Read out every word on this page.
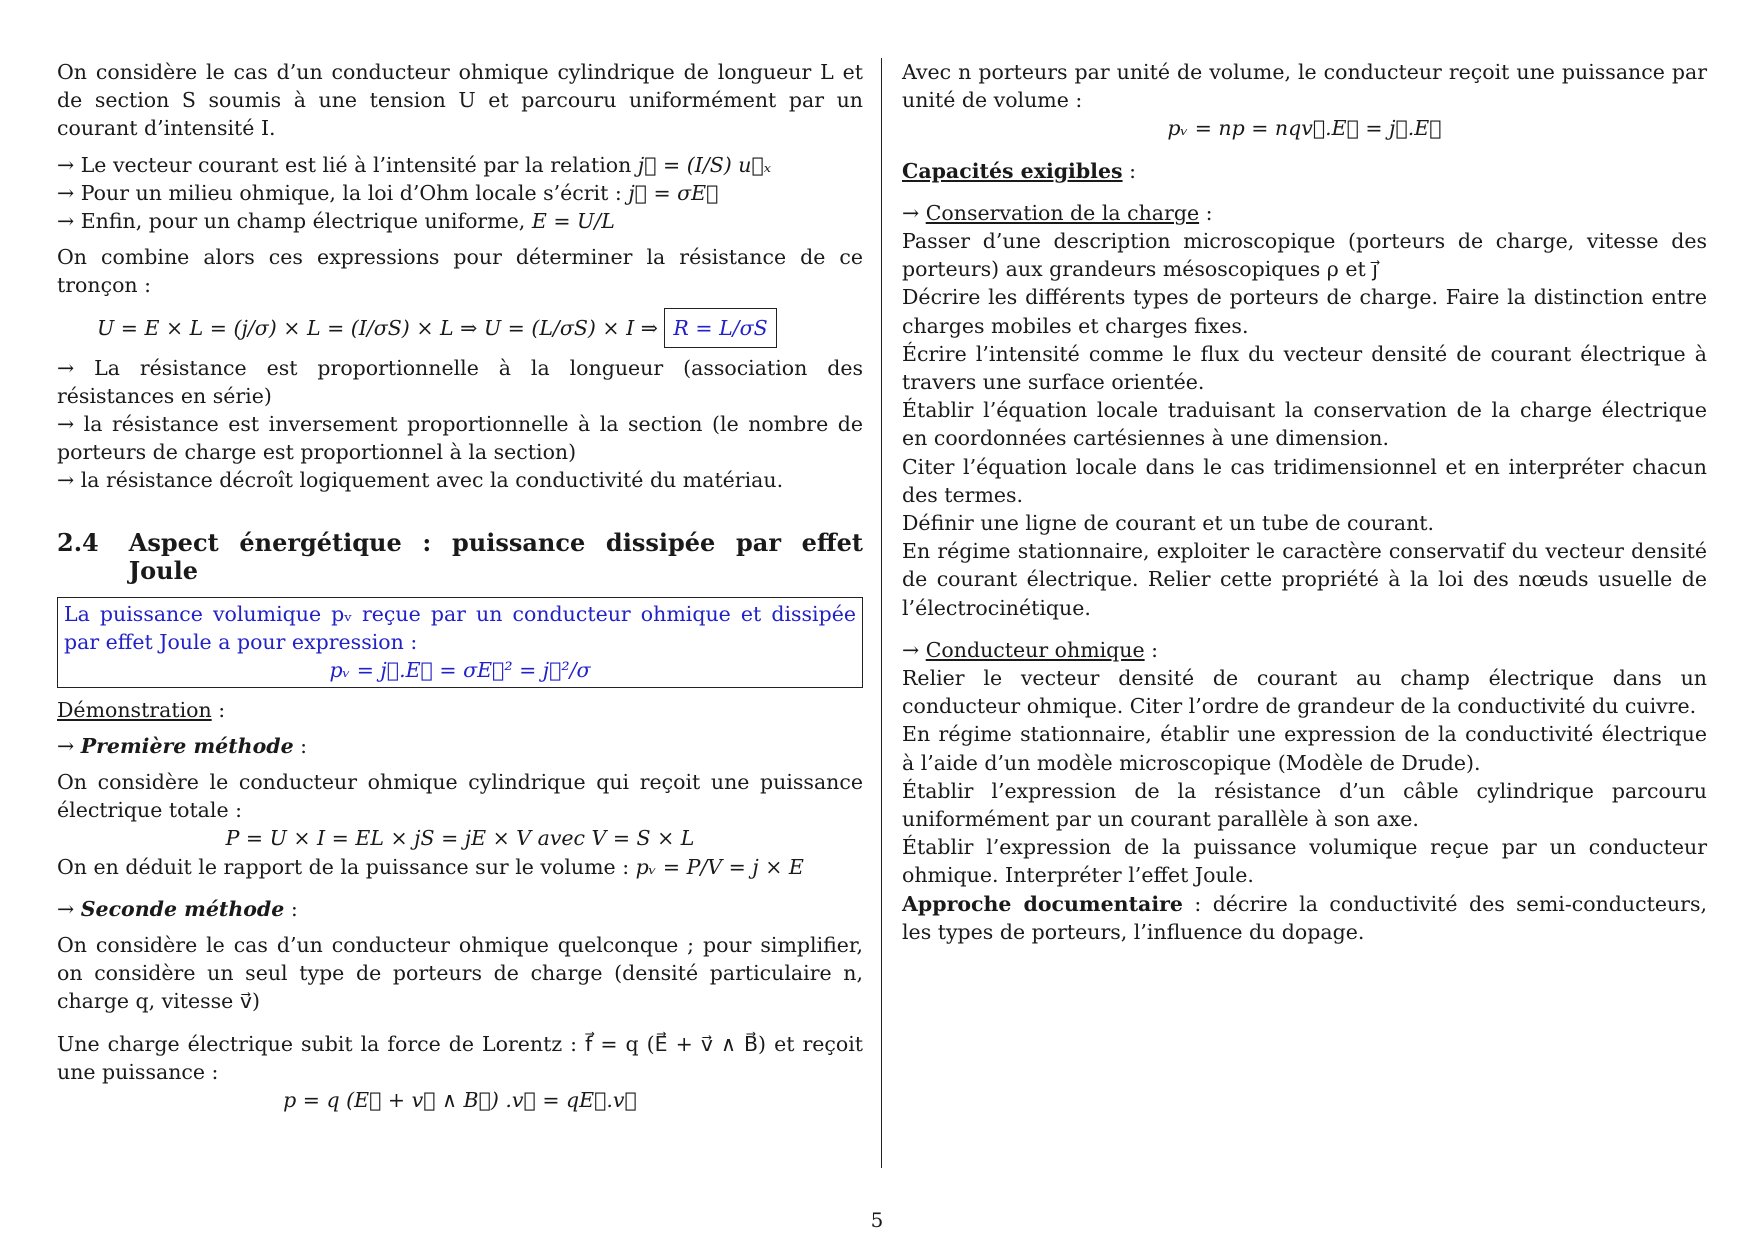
On considère le cas d’un conducteur ohmique cylindrique de longueur L et de section S soumis à une tension U et parcouru uniformément par un courant d’intensité I.

→ Le vecteur courant est lié à l’intensité par la relation j⃗ = (I/S) u⃗ₓ

→ Pour un milieu ohmique, la loi d’Ohm locale s’écrit : j⃗ = σE⃗

→ Enfin, pour un champ électrique uniforme, E = U/L

On combine alors ces expressions pour déterminer la résistance de ce tronçon :

U = E × L = (j/σ) × L = (I/σS) × L ⇒ U = (L/σS) × I ⇒ R = L/σS

→ La résistance est proportionnelle à la longueur (association des résistances en série)

→ la résistance est inversement proportionnelle à la section (le nombre de porteurs de charge est proportionnel à la section)

→ la résistance décroît logiquement avec la conductivité du matériau.

2.4 Aspect énergétique : puissance dissipée par effet Joule

La puissance volumique pᵥ reçue par un conducteur ohmique et dissipée par effet Joule a pour expression :

pᵥ = j⃗.E⃗ = σE⃗² = j⃗²/σ

Démonstration :

→ Première méthode :

On considère le conducteur ohmique cylindrique qui reçoit une puissance électrique totale :

P = U × I = EL × jS = jE × V avec V = S × L

On en déduit le rapport de la puissance sur le volume : pᵥ = P/V = j × E

→ Seconde méthode :

On considère le cas d’un conducteur ohmique quelconque ; pour simplifier, on considère un seul type de porteurs de charge (densité particulaire n, charge q, vitesse v⃗)

Une charge électrique subit la force de Lorentz : f⃗ = q (E⃗ + v⃗ ∧ B⃗) et reçoit une puissance :

p = q (E⃗ + v⃗ ∧ B⃗) .v⃗ = qE⃗.v⃗

Avec n porteurs par unité de volume, le conducteur reçoit une puissance par unité de volume :

pᵥ = np = nqv⃗.E⃗ = j⃗.E⃗

Capacités exigibles :

→ Conservation de la charge :

Passer d’une description microscopique (porteurs de charge, vitesse des porteurs) aux grandeurs mésoscopiques ρ et j⃗

Décrire les différents types de porteurs de charge. Faire la distinction entre charges mobiles et charges fixes.

Écrire l’intensité comme le flux du vecteur densité de courant électrique à travers une surface orientée.

Établir l’équation locale traduisant la conservation de la charge électrique en coordonnées cartésiennes à une dimension.

Citer l’équation locale dans le cas tridimensionnel et en interpréter chacun des termes.

Définir une ligne de courant et un tube de courant.

En régime stationnaire, exploiter le caractère conservatif du vecteur densité de courant électrique. Relier cette propriété à la loi des nœuds usuelle de l’électrocinétique.

→ Conducteur ohmique :

Relier le vecteur densité de courant au champ électrique dans un conducteur ohmique. Citer l’ordre de grandeur de la conductivité du cuivre.

En régime stationnaire, établir une expression de la conductivité électrique à l’aide d’un modèle microscopique (Modèle de Drude).

Établir l’expression de la résistance d’un câble cylindrique parcouru uniformément par un courant parallèle à son axe.

Établir l’expression de la puissance volumique reçue par un conducteur ohmique. Interpréter l’effet Joule.

Approche documentaire : décrire la conductivité des semi-conducteurs, les types de porteurs, l’influence du dopage.

5
